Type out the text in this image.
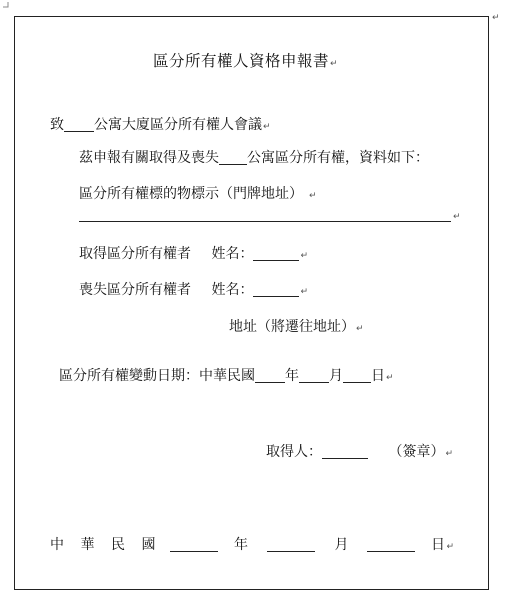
↵
區分所有權人資格申報書↵
致 公寓大廈區分所有權人會議↵
茲申報有關取得及喪失 公寓區分所有權，資料如下：
區分所有權標的物標示（門牌地址） ↵
↵
取得區分所有權者 姓名：	↵
喪失區分所有權者 姓名：	↵
地址（將遷往地址）↵
區分所有權變動日期：中華民國 年 月 日↵
取得人：	（簽章）↵
中 華 民 國	年	月	日↵
